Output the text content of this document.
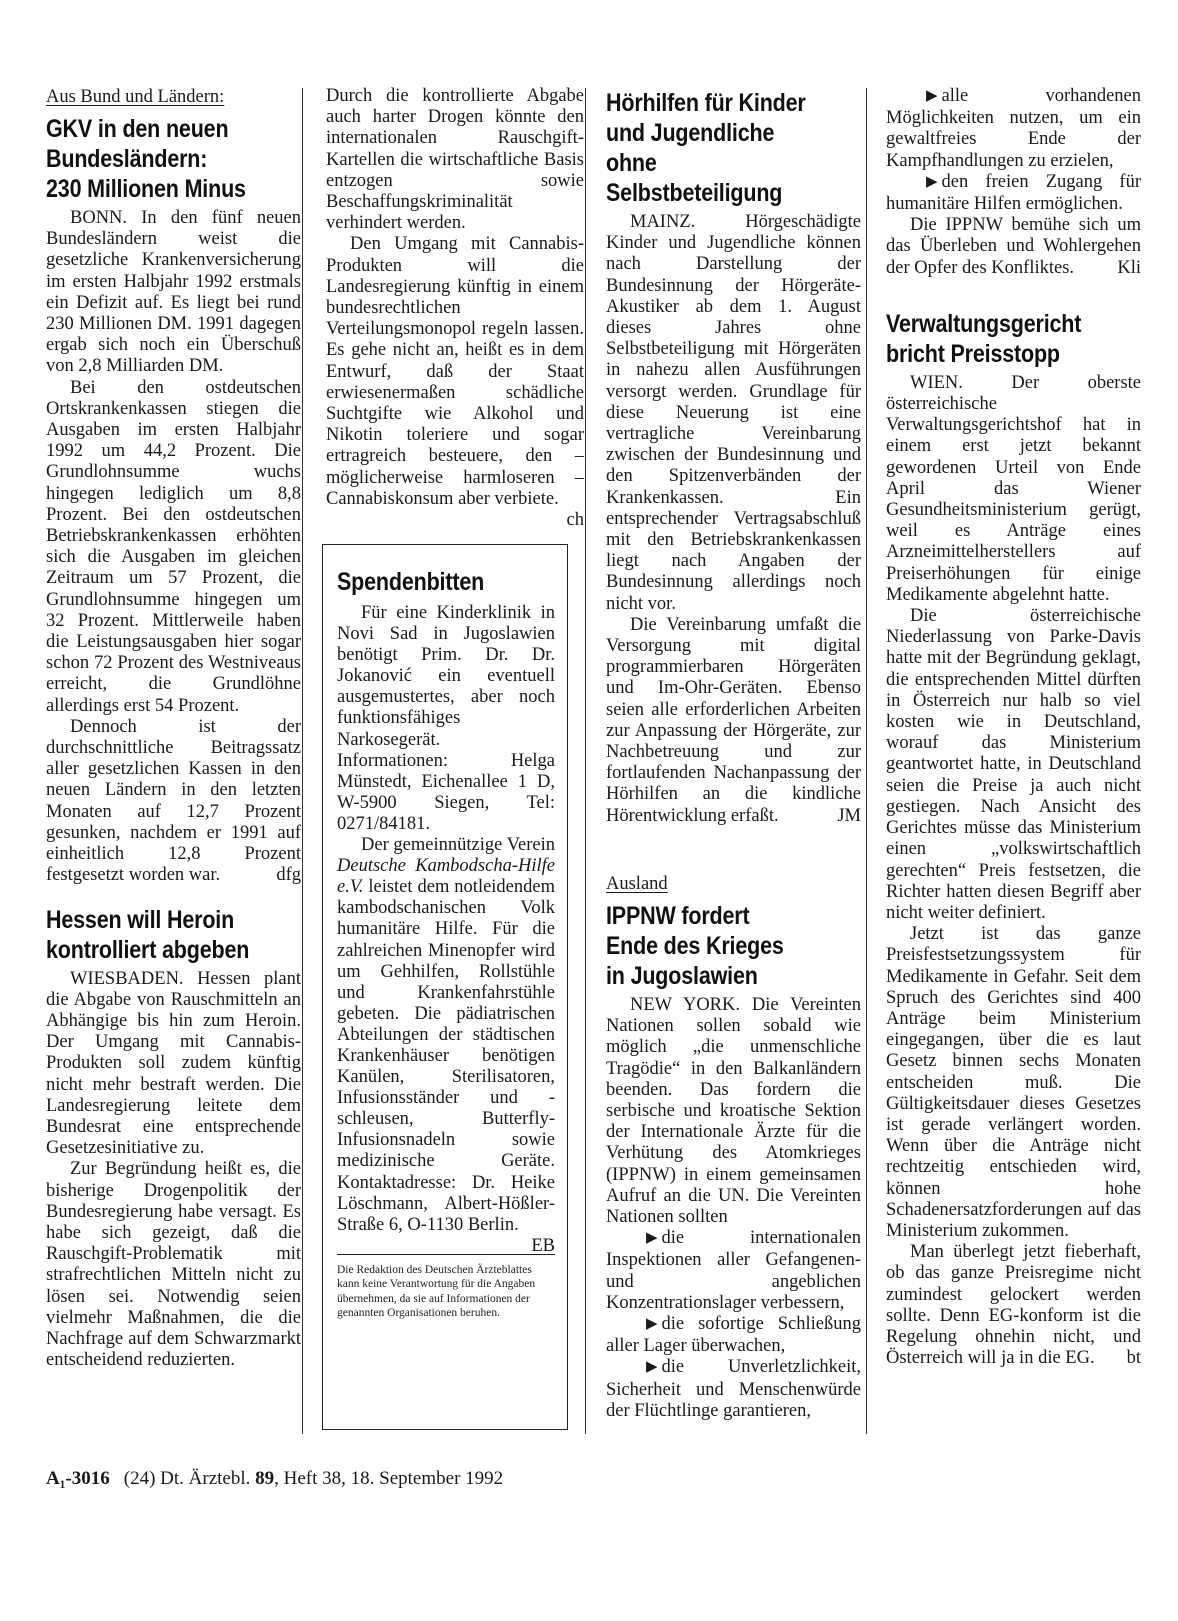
Aus Bund und Ländern:
GKV in den neuen
Bundesländern:
230 Millionen Minus

BONN. In den fünf neuen Bundesländern weist die gesetzliche Krankenversicherung im ersten Halbjahr 1992 erstmals ein Defizit auf. Es liegt bei rund 230 Millionen DM. 1991 dagegen ergab sich noch ein Überschuß von 2,8 Milliarden DM.

Bei den ostdeutschen Ortskrankenkassen stiegen die Ausgaben im ersten Halbjahr 1992 um 44,2 Prozent. Die Grundlohnsumme wuchs hingegen lediglich um 8,8 Prozent. Bei den ostdeutschen Betriebskrankenkassen erhöhten sich die Ausgaben im gleichen Zeitraum um 57 Prozent, die Grundlohnsumme hingegen um 32 Prozent. Mittlerweile haben die Leistungsausgaben hier sogar schon 72 Prozent des Westniveaus erreicht, die Grundlöhne allerdings erst 54 Prozent.

Dennoch ist der durchschnittliche Beitragssatz aller gesetzlichen Kassen in den neuen Ländern in den letzten Monaten auf 12,7 Prozent gesunken, nachdem er 1991 auf einheitlich 12,8 Prozent festgesetzt worden war.	dfg

Hessen will Heroin
kontrolliert abgeben

WIESBADEN. Hessen plant die Abgabe von Rauschmitteln an Abhängige bis hin zum Heroin. Der Umgang mit Cannabis-Produkten soll zudem künftig nicht mehr bestraft werden. Die Landesregierung leitete dem Bundesrat eine entsprechende Gesetzesinitiative zu.

Zur Begründung heißt es, die bisherige Drogenpolitik der Bundesregierung habe versagt. Es habe sich gezeigt, daß die Rauschgift-Problematik mit strafrechtlichen Mitteln nicht zu lösen sei. Notwendig seien vielmehr Maßnahmen, die die Nachfrage auf dem Schwarzmarkt entscheidend reduzierten.

Durch die kontrollierte Abgabe auch harter Drogen könnte den internationalen Rauschgift-Kartellen die wirtschaftliche Basis entzogen sowie Beschaffungskriminalität verhindert werden.

Den Umgang mit Cannabis-Produkten will die Landesregierung künftig in einem bundesrechtlichen Verteilungsmonopol regeln lassen. Es gehe nicht an, heißt es in dem Entwurf, daß der Staat erwiesenermaßen schädliche Suchtgifte wie Alkohol und Nikotin toleriere und sogar ertragreich besteuere, den – möglicherweise harmloseren – Cannabiskonsum aber verbiete.
ch

Spendenbitten

Für eine Kinderklinik in Novi Sad in Jugoslawien benötigt Prim. Dr. Dr. Jokanović ein eventuell ausgemustertes, aber noch funktionsfähiges Narkosegerät. Informationen: Helga Münstedt, Eichenallee 1 D, W-5900 Siegen, Tel: 0271/84181.

Der gemeinnützige Verein Deutsche Kambodscha-Hilfe e.V. leistet dem notleidendem kambodschanischen Volk humanitäre Hilfe. Für die zahlreichen Minenopfer wird um Gehhilfen, Rollstühle und Krankenfahrstühle gebeten. Die pädiatrischen Abteilungen der städtischen Krankenhäuser benötigen Kanülen, Sterilisatoren, Infusionsständer und -schleusen, Butterfly-Infusionsnadeln sowie medizinische Geräte. Kontaktadresse: Dr. Heike Löschmann, Albert-Hößler-Straße 6, O-1130 Berlin.
EB

Die Redaktion des Deutschen Ärzteblattes kann keine Verantwortung für die Angaben übernehmen, da sie auf Informationen der genannten Organisationen beruhen.
Hörhilfen für Kinder
und Jugendliche ohne
Selbstbeteiligung

MAINZ. Hörgeschädigte Kinder und Jugendliche können nach Darstellung der Bundesinnung der Hörgeräte-Akustiker ab dem 1. August dieses Jahres ohne Selbstbeteiligung mit Hörgeräten in nahezu allen Ausführungen versorgt werden. Grundlage für diese Neuerung ist eine vertragliche Vereinbarung zwischen der Bundesinnung und den Spitzenverbänden der Krankenkassen. Ein entsprechender Vertragsabschluß mit den Betriebskrankenkassen liegt nach Angaben der Bundesinnung allerdings noch nicht vor.

Die Vereinbarung umfaßt die Versorgung mit digital programmierbaren Hörgeräten und Im-Ohr-Geräten. Ebenso seien alle erforderlichen Arbeiten zur Anpassung der Hörgeräte, zur Nachbetreuung und zur fortlaufenden Nachanpassung der Hörhilfen an die kindliche Hörentwicklung erfaßt.	JM

Ausland
IPPNW fordert
Ende des Krieges
in Jugoslawien

NEW YORK. Die Vereinten Nationen sollen sobald wie möglich „die unmenschliche Tragödie“ in den Balkanländern beenden. Das fordern die serbische und kroatische Sektion der Internationale Ärzte für die Verhütung des Atomkrieges (IPPNW) in einem gemeinsamen Aufruf an die UN. Die Vereinten Nationen sollten

▶ die internationalen Inspektionen aller Gefangenen- und angeblichen Konzentrationslager verbessern,

▶ die sofortige Schließung aller Lager überwachen,

▶ die Unverletzlichkeit, Sicherheit und Menschenwürde der Flüchtlinge garantieren,

▶ alle vorhandenen Möglichkeiten nutzen, um ein gewaltfreies Ende der Kampfhandlungen zu erzielen,

▶ den freien Zugang für humanitäre Hilfen ermöglichen.

Die IPPNW bemühe sich um das Überleben und Wohlergehen der Opfer des Konfliktes.	Kli

Verwaltungsgericht
bricht Preisstopp

WIEN. Der oberste österreichische Verwaltungsgerichtshof hat in einem erst jetzt bekannt gewordenen Urteil von Ende April das Wiener Gesundheitsministerium gerügt, weil es Anträge eines Arzneimittelherstellers auf Preiserhöhungen für einige Medikamente abgelehnt hatte.

Die österreichische Niederlassung von Parke-Davis hatte mit der Begründung geklagt, die entsprechenden Mittel dürften in Österreich nur halb so viel kosten wie in Deutschland, worauf das Ministerium geantwortet hatte, in Deutschland seien die Preise ja auch nicht gestiegen. Nach Ansicht des Gerichtes müsse das Ministerium einen „volkswirtschaftlich gerechten“ Preis festsetzen, die Richter hatten diesen Begriff aber nicht weiter definiert.

Jetzt ist das ganze Preisfestsetzungssystem für Medikamente in Gefahr. Seit dem Spruch des Gerichtes sind 400 Anträge beim Ministerium eingegangen, über die es laut Gesetz binnen sechs Monaten entscheiden muß. Die Gültigkeitsdauer dieses Gesetzes ist gerade verlängert worden. Wenn über die Anträge nicht rechtzeitig entschieden wird, können hohe Schadenersatzforderungen auf das Ministerium zukommen.

Man überlegt jetzt fieberhaft, ob das ganze Preisregime nicht zumindest gelockert werden sollte. Denn EG-konform ist die Regelung ohnehin nicht, und Österreich will ja in die EG.	bt

A₁-3016 (24) Dt. Ärztebl. 89, Heft 38, 18. September 1992
